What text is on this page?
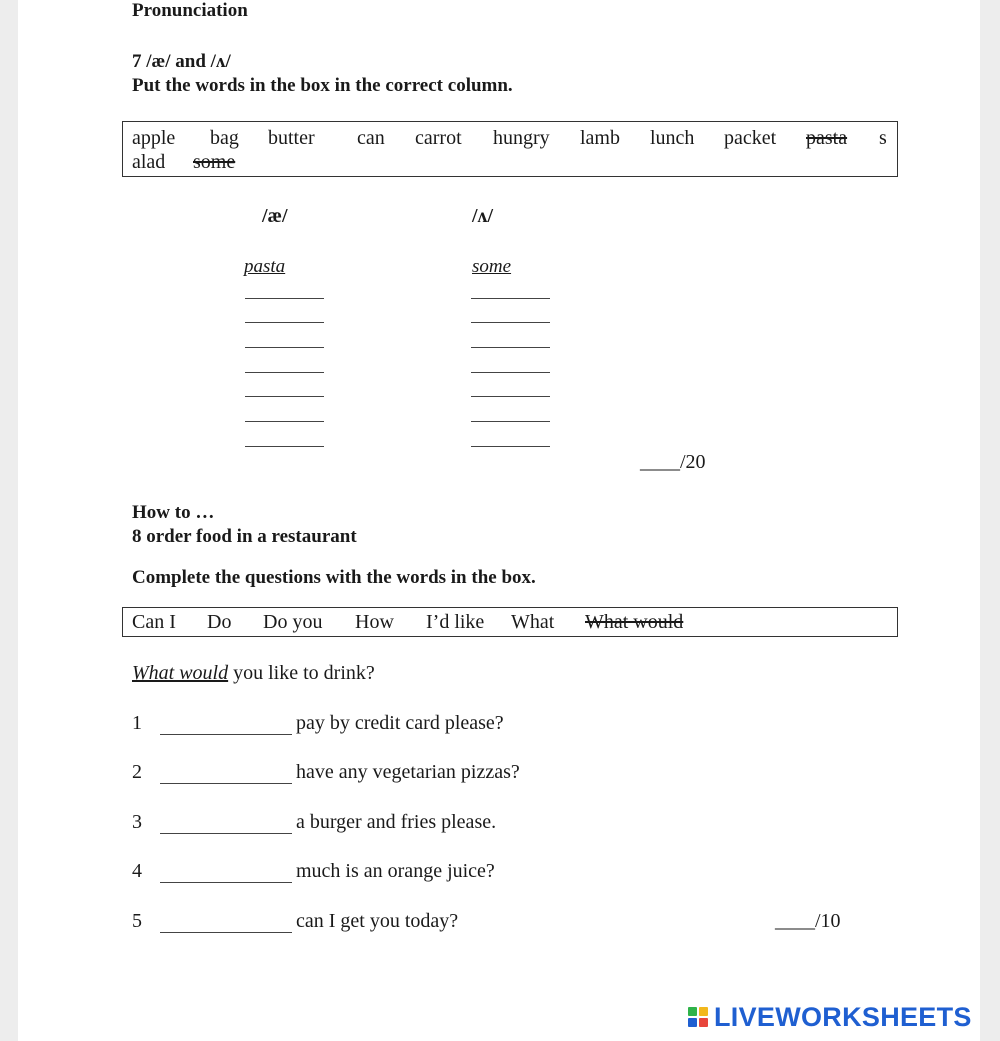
Pronunciation
7 /æ/ and /ʌ/
Put the words in the box in the correct column.
apple bag butter can carrot hungry lamb lunch packet pasta s
alad some
/æ/	/ʌ/
pasta	some
____/20
How to …
8 order food in a restaurant
Complete the questions with the words in the box.
Can I Do Do you How I’d like What What would
What would you like to drink?
1	pay by credit card please?
2	have any vegetarian pizzas?
3	a burger and fries please.
4	much is an orange juice?
5	can I get you today?	____/10
LIVEWORKSHEETS
